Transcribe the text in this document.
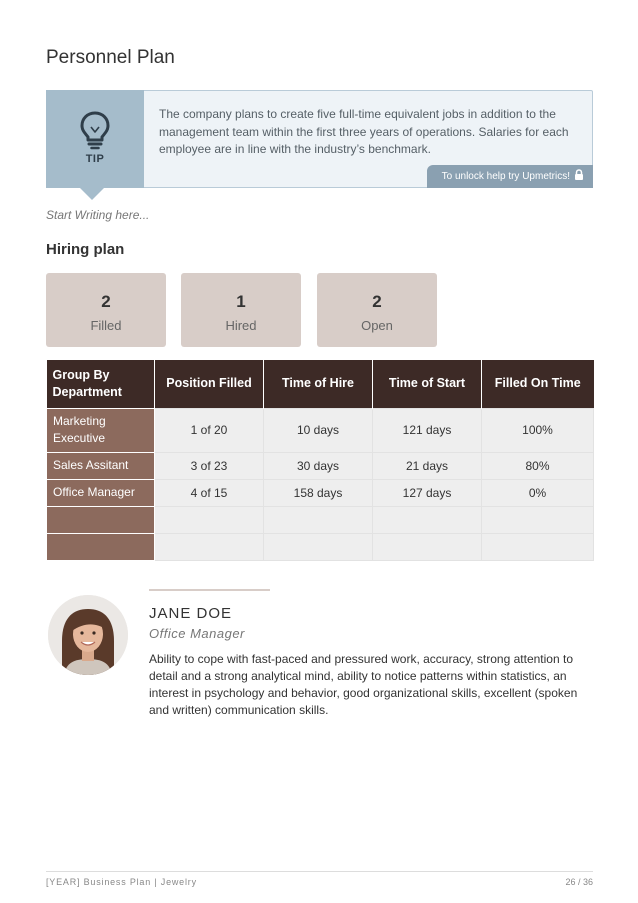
Personnel Plan
TIP

The company plans to create five full-time equivalent jobs in addition to the management team within the first three years of operations. Salaries for each employee are in line with the industry’s benchmark.

To unlock help try Upmetrics!
Start Writing here...
Hiring plan
2
Filled
1
Hired
2
Open
Group By Department	Position Filled	Time of Hire	Time of Start	Filled On Time
Marketing Executive	1 of 20	10 days	121 days	100%
Sales Assitant	3 of 23	30 days	21 days	80%
Office Manager	4 of 15	158 days	127 days	0%

JANE DOE
Office Manager

Ability to cope with fast-paced and pressured work, accuracy, strong attention to detail and a strong analytical mind, ability to notice patterns within statistics, an interest in psychology and behavior, good organizational skills, excellent (spoken and written) communication skills.

[YEAR] Business Plan | Jewelry	26 / 36
